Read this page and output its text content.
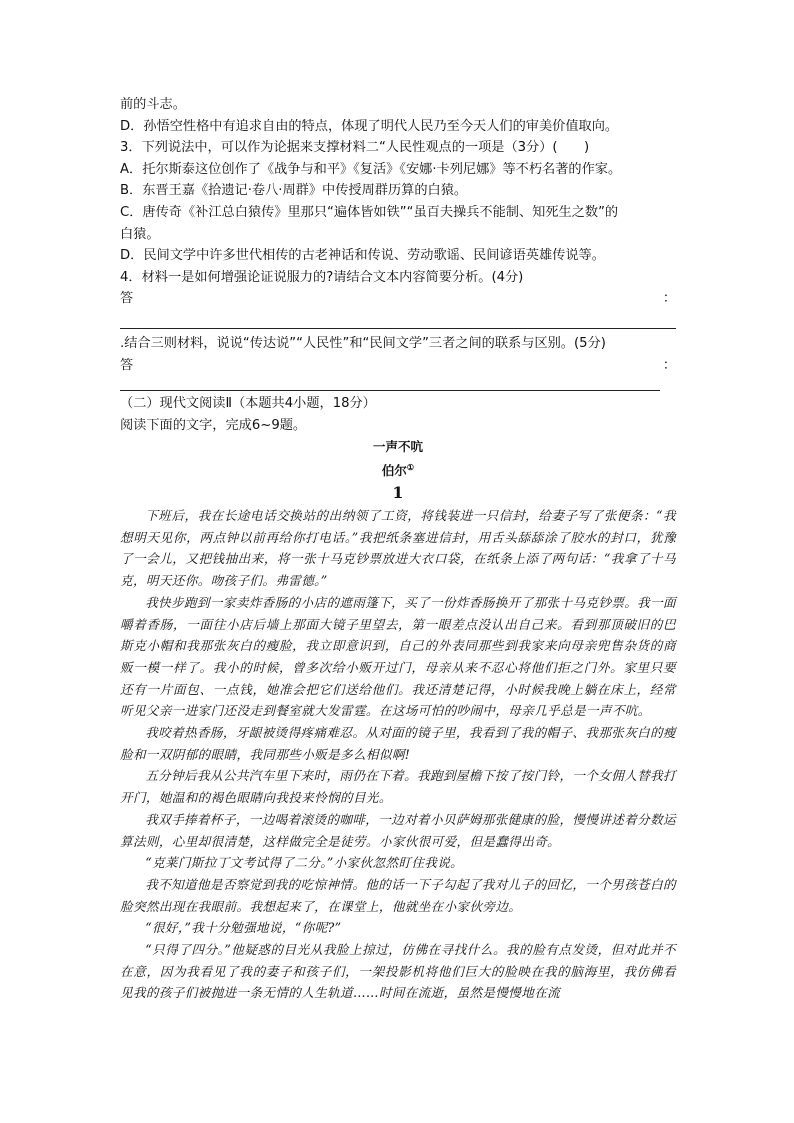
前的斗志。

D．孙悟空性格中有追求自由的特点，体现了明代人民乃至今天人们的审美价值取向。

3．下列说法中，可以作为论据来支撑材料二“人民性观点的一项是（3分）(　　)

A．托尔斯泰这位创作了《战争与和平》《复活》《安娜·卡列尼娜》等不朽名著的作家。

B．东晋王嘉《拾遗记·卷八·周群》中传授周群历算的白猿。

C．唐传奇《补江总白猿传》里那只“遍体皆如铁”“虽百夫操兵不能制、知死生之数”的

白猿。

D．民间文学中许多世代相传的古老神话和传说、劳动歌谣、民间谚语英雄传说等。

4．材料一是如何增强论证说服力的?请结合文本内容简要分析。(4分)

答	：

.结合三则材料，说说“传达说”“人民性”和“民间文学”三者之间的联系与区别。(5分)

答	：

（二）现代文阅读Ⅱ（本题共4小题，18分）

阅读下面的文字，完成6~9题。

一声不吭

伯尔①

1

下班后，我在长途电话交换站的出纳领了工资，将钱装进一只信封，给妻子写了张便条：“我想明天见你，两点钟以前再给你打电话。”我把纸条塞进信封，用舌头舔舔涂了胶水的封口，犹豫了一会儿，又把钱抽出来，将一张十马克钞票放进大衣口袋，在纸条上添了两句话：“我拿了十马克，明天还你。吻孩子们。弗雷德。”

我快步跑到一家卖炸香肠的小店的遮雨篷下，买了一份炸香肠换开了那张十马克钞票。我一面嚼着香肠，一面往小店后墙上那面大镜子里望去，第一眼差点没认出自己来。看到那顶破旧的巴斯克小帽和我那张灰白的瘦脸，我立即意识到，自己的外表同那些到我家来向母亲兜售杂货的商贩一模一样了。我小的时候，曾多次给小贩开过门，母亲从来不忍心将他们拒之门外。家里只要还有一片面包、一点钱，她准会把它们送给他们。我还清楚记得，小时候我晚上躺在床上，经常听见父亲一进家门还没走到餐室就大发雷霆。在这场可怕的吵闹中，母亲几乎总是一声不吭。

我咬着热香肠，牙龈被烫得疼痛难忍。从对面的镜子里，我看到了我的帽子、我那张灰白的瘦脸和一双阴郁的眼睛，我同那些小贩是多么相似啊!

五分钟后我从公共汽车里下来时，雨仍在下着。我跑到屋檐下按了按门铃，一个女佣人替我打开门，她温和的褐色眼睛向我投来怜悯的目光。

我双手捧着杯子，一边喝着滚烫的咖啡，一边对着小贝萨姆那张健康的脸，慢慢讲述着分数运算法则，心里却很清楚，这样做完全是徒劳。小家伙很可爱，但是蠢得出奇。

“克莱门斯拉丁文考试得了二分。”小家伙忽然盯住我说。

我不知道他是否察觉到我的吃惊神情。他的话一下子勾起了我对儿子的回忆，一个男孩苍白的脸突然出现在我眼前。我想起来了，在课堂上，他就坐在小家伙旁边。

“很好，”我十分勉强地说，“你呢?”

“只得了四分。”他疑惑的目光从我脸上掠过，仿佛在寻找什么。我的脸有点发烫，但对此并不在意，因为我看见了我的妻子和孩子们，一架投影机将他们巨大的脸映在我的脑海里，我仿佛看见我的孩子们被抛进一条无情的人生轨道……时间在流逝，虽然是慢慢地在流
